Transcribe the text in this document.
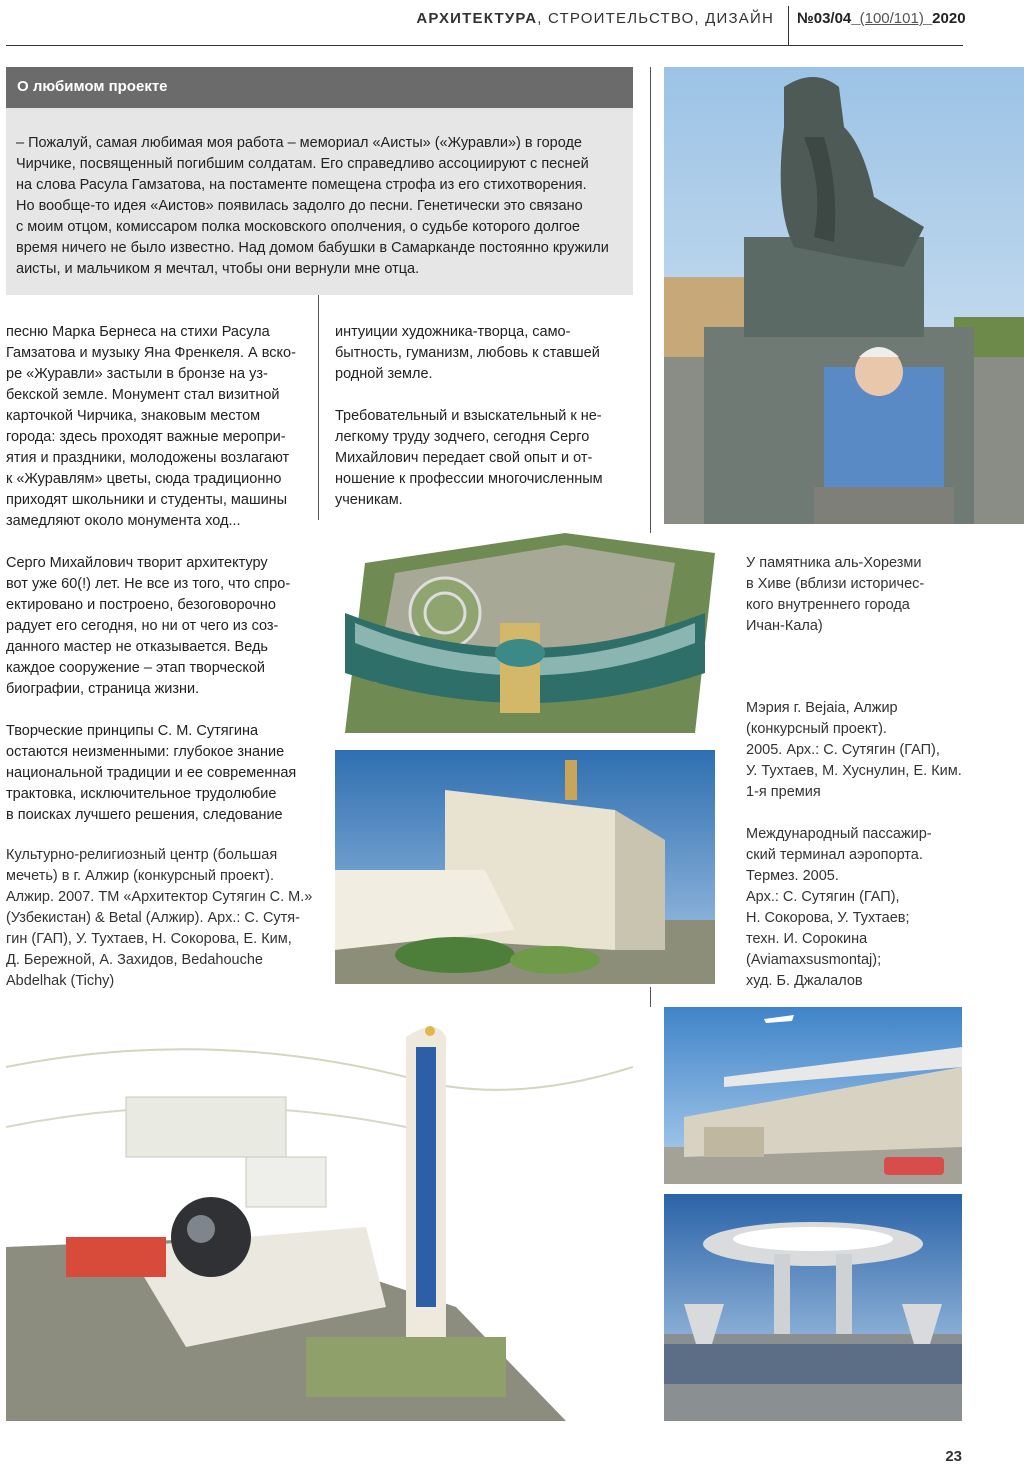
АРХИТЕКТУРА, СТРОИТЕЛЬСТВО, ДИЗАЙН №03/04_(100/101)_2020
О любимом проекте
– Пожалуй, самая любимая моя работа – мемориал «Аисты» («Журавли») в городе
Чирчике, посвященный погибшим солдатам. Его справедливо ассоциируют с песней
на слова Расула Гамзатова, на постаменте помещена строфа из его стихотворения.
Но вообще-то идея «Аистов» появилась задолго до песни. Генетически это связано
с моим отцом, комиссаром полка московского ополчения, о судьбе которого долгое
время ничего не было известно. Над домом бабушки в Самарканде постоянно кружили
аисты, и мальчиком я мечтал, чтобы они вернули мне отца.
песню Марка Бернеса на стихи Расула
Гамзатова и музыку Яна Френкеля. А вско-
ре «Журавли» застыли в бронзе на уз-
бекской земле. Монумент стал визитной
карточкой Чирчика, знаковым местом
города: здесь проходят важные меропри-
ятия и праздники, молодожены возлагают
к «Журавлям» цветы, сюда традиционно
приходят школьники и студенты, машины
замедляют около монумента ход...
Серго Михайлович творит архитектуру
вот уже 60(!) лет. Не все из того, что спро-
ектировано и построено, безоговорочно
радует его сегодня, но ни от чего из соз-
данного мастер не отказывается. Ведь
каждое сооружение – этап творческой
биографии, страница жизни.
Творческие принципы С. М. Сутягина
остаются неизменными: глубокое знание
национальной традиции и ее современная
трактовка, исключительное трудолюбие
в поисках лучшего решения, следование
интуиции художника-творца, само-
бытность, гуманизм, любовь к ставшей
родной земле.
Требовательный и взыскательный к не-
легкому труду зодчего, сегодня Серго
Михайлович передает свой опыт и от-
ношение к профессии многочисленным
ученикам.
У памятника аль-Хорезми
в Хиве (вблизи историчес-
кого внутреннего города
Ичан-Кала)
Мэрия г. Bejaia, Алжир
(конкурсный проект).
2005. Арх.: С. Сутягин (ГАП),
У. Тухтаев, М. Хуснулин, Е. Ким.
1-я премия
Международный пассажир-
ский терминал аэропорта.
Термез. 2005.
Арх.: С. Сутягин (ГАП),
Н. Сокорова, У. Тухтаев;
техн. И. Сорокина
(Aviamaxsusmontaj);
худ. Б. Джалалов
Культурно-религиозный центр (большая
мечеть) в г. Алжир (конкурсный проект).
Алжир. 2007. ТМ «Архитектор Сутягин С. М.»
(Узбекистан) & Betal (Алжир). Арх.: С. Сутя-
гин (ГАП), У. Тухтаев, Н. Сокорова, Е. Ким,
Д. Бережной, А. Захидов, Bedahouche
Abdelhak (Tichy)
23
